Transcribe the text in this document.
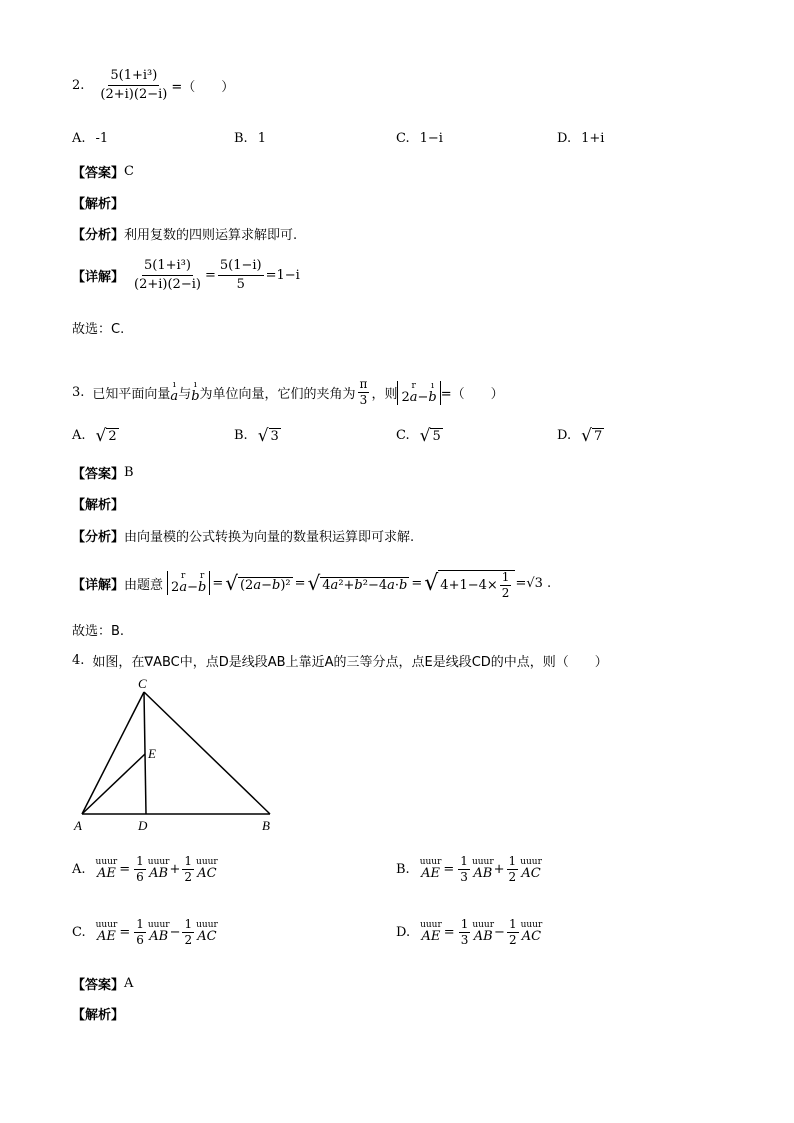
2. $\frac{\text{5(1+i³)}}{(2+i)(2-i)}$ =（　　）
A. -1	B. 1	C. 1−i	D. 1+i
【答案】 C
【解析】
【分析】 利用复数的四则运算求解即可.
【详解】 $\frac{\text{5(1+i³)}}{(2+i)(2-i)} = \frac{5(1-i)}{5} =1-i$
故选：C.
3. 已知平面向量
ı
a 与
ı
b 为单位向量，它们的夹角为 $\frac{\pi}{3}$ ，则 2
r
a −
ı
b =（　　）
A. √ 2	B. √ 3	C. √ 5	D. √ 7
【答案】 B
【解析】
【分析】 由向量模的公式转换为向量的数量积运算即可求解.
【详解】 由题意 2
r
a −
r
b = √ (2a−b)² = √ 4a²+b²−4a·b = √ $4+1-4\times \frac{1}{2} =√3$ .
故选：B.
4. 如图，在∇ABC中，点D是线段AB上靠近A的三等分点，点E是线段CD的中点，则（　　）
C
E
A	D	B
A. uuur
AE = $\frac{1}{6}$ uuur
AB + $\frac{1}{2}$ uuur
AC	B. uuur
AE = $\frac{1}{3}$ uuur
AB + $\frac{1}{2}$ uuur
AC
C. uuur
AE = $\frac{1}{6}$ uuur
AB − $\frac{1}{2}$ uuur
AC	D. uuur
AE = $\frac{1}{3}$ uuur
AB − $\frac{1}{2}$ uuur
AC
【答案】 A
【解析】
